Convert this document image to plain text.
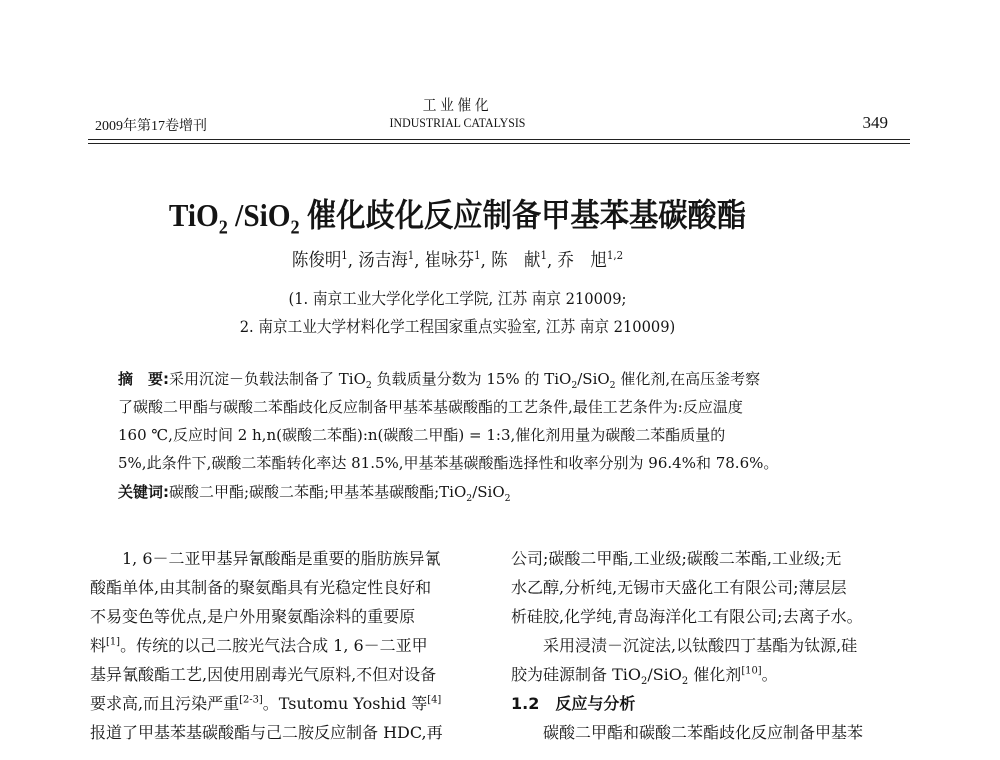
工业催化
INDUSTRIAL CATALYSIS
2009年第17卷增刊	349
TiO$_2$ /SiO$_2$ 催化歧化反应制备甲基苯基碳酸酯
陈俊明$^1$, 汤吉海$^1$, 崔咏芬$^1$, 陈　献$^1$, 乔　旭$^{1,2}$
(1. 南京工业大学化学化工学院, 江苏 南京 210009;
2. 南京工业大学材料化学工程国家重点实验室, 江苏 南京 210009)
摘　要:采用沉淀－负载法制备了 TiO$_2$ 负载质量分数为 15% 的 TiO$_2$/SiO$_2$ 催化剂,在高压釜考察
了碳酸二甲酯与碳酸二苯酯歧化反应制备甲基苯基碳酸酯的工艺条件,最佳工艺条件为:反应温度
160 ℃,反应时间 2 h,n(碳酸二苯酯):n(碳酸二甲酯) = 1:3,催化剂用量为碳酸二苯酯质量的
5%,此条件下,碳酸二苯酯转化率达 81.5%,甲基苯基碳酸酯选择性和收率分别为 96.4%和 78.6%。
关键词:碳酸二甲酯;碳酸二苯酯;甲基苯基碳酸酯;TiO$_2$/SiO$_2$
1, 6－二亚甲基异氰酸酯是重要的脂肪族异氰
酸酯单体,由其制备的聚氨酯具有光稳定性良好和
不易变色等优点,是户外用聚氨酯涂料的重要原
料[1]。传统的以己二胺光气法合成 1, 6－二亚甲
基异氰酸酯工艺,因使用剧毒光气原料,不但对设备
要求高,而且污染严重[2-3]。Tsutomu Yoshid 等[4]
报道了甲基苯基碳酸酯与己二胺反应制备 HDC,再
公司;碳酸二甲酯,工业级;碳酸二苯酯,工业级;无
水乙醇,分析纯,无锡市天盛化工有限公司;薄层层
析硅胶,化学纯,青岛海洋化工有限公司;去离子水。
采用浸渍－沉淀法,以钛酸四丁基酯为钛源,硅
胶为硅源制备 TiO$_2$/SiO$_2$ 催化剂[10]。
1.2　反应与分析
碳酸二甲酯和碳酸二苯酯歧化反应制备甲基苯
